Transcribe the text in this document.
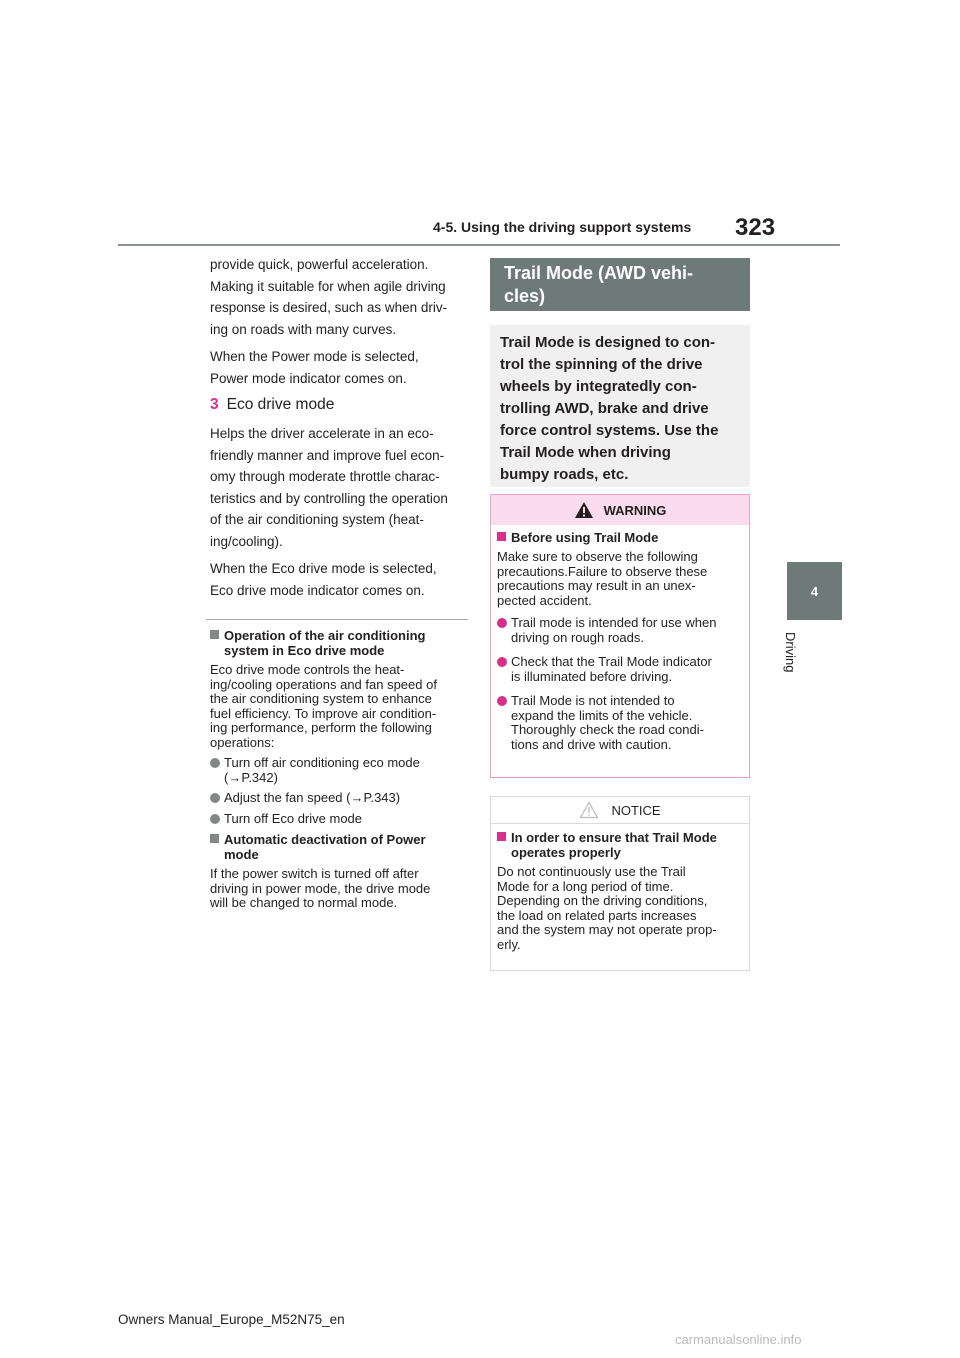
4-5. Using the driving support systems 323
4
Driving

provide quick, powerful acceleration.
Making it suitable for when agile driving
response is desired, such as when driv-
ing on roads with many curves.

When the Power mode is selected,
Power mode indicator comes on.

3 Eco drive mode

Helps the driver accelerate in an eco-
friendly manner and improve fuel econ-
omy through moderate throttle charac-
teristics and by controlling the operation
of the air conditioning system (heat-
ing/cooling).

When the Eco drive mode is selected,
Eco drive mode indicator comes on.

Operation of the air conditioning
system in Eco drive mode
Eco drive mode controls the heat-
ing/cooling operations and fan speed of
the air conditioning system to enhance
fuel efficiency. To improve air condition-
ing performance, perform the following
operations:
Turn off air conditioning eco mode
(→P.342)
Adjust the fan speed (→P.343)
Turn off Eco drive mode
Automatic deactivation of Power
mode
If the power switch is turned off after
driving in power mode, the drive mode
will be changed to normal mode.
Trail Mode (AWD vehi-
cles)
Trail Mode is designed to con-
trol the spinning of the drive
wheels by integratedly con-
trolling AWD, brake and drive
force control systems. Use the
Trail Mode when driving
bumpy roads, etc.
WARNING
Before using Trail Mode
Make sure to observe the following
precautions.Failure to observe these
precautions may result in an unex-
pected accident.
Trail mode is intended for use when
driving on rough roads.
Check that the Trail Mode indicator
is illuminated before driving.
Trail Mode is not intended to
expand the limits of the vehicle.
Thoroughly check the road condi-
tions and drive with caution.
NOTICE
In order to ensure that Trail Mode
operates properly
Do not continuously use the Trail
Mode for a long period of time.
Depending on the driving conditions,
the load on related parts increases
and the system may not operate prop-
erly.
Owners Manual_Europe_M52N75_en
carmanualsonline.info
